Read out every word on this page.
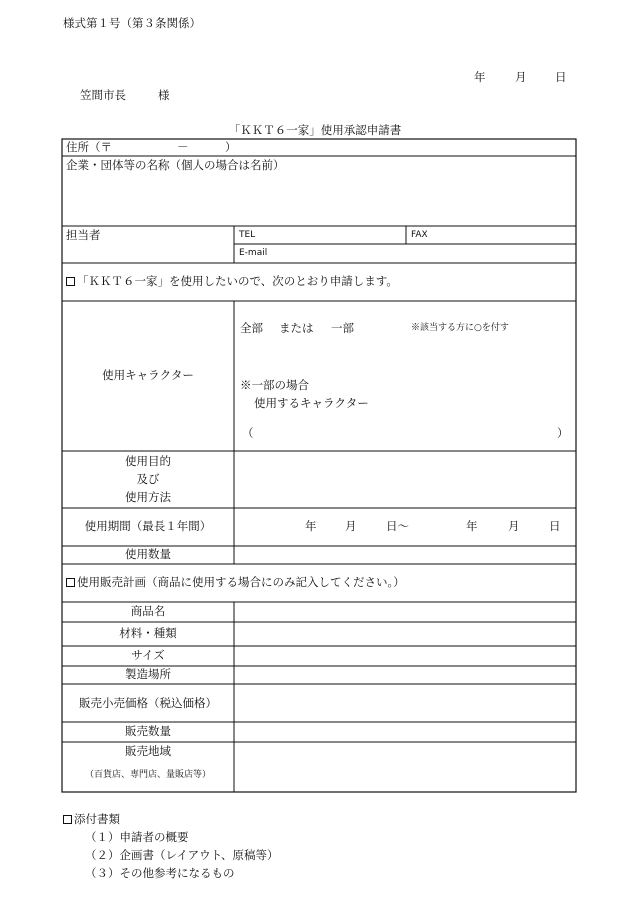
様式第１号（第３条関係）
年	月 日
笠間市長	様
「ＫＫＴ６一家」使用承認申請書
住所（〒	－	）
企業・団体等の名称（個人の場合は名前）
担当者	TEL	FAX
E-mail
「ＫＫＴ６一家」を使用したいので、次のとおり申請します。
使用キャラクター
全部 または 一部	※該当する方に○を付す
※一部の場合
使用するキャラクター
（	）
使用目的
及び
使用方法
使用期間（最長１年間）	年 月	日～	年	月	日
使用数量
使用販売計画（商品に使用する場合にのみ記入してください。）
商品名
材料・種類
サイズ
製造場所
販売小売価格（税込価格）
販売数量
販売地域
（百貨店、専門店、量販店等）
添付書類
（１）申請者の概要
（２）企画書（レイアウト、原稿等）
（３）その他参考になるもの
